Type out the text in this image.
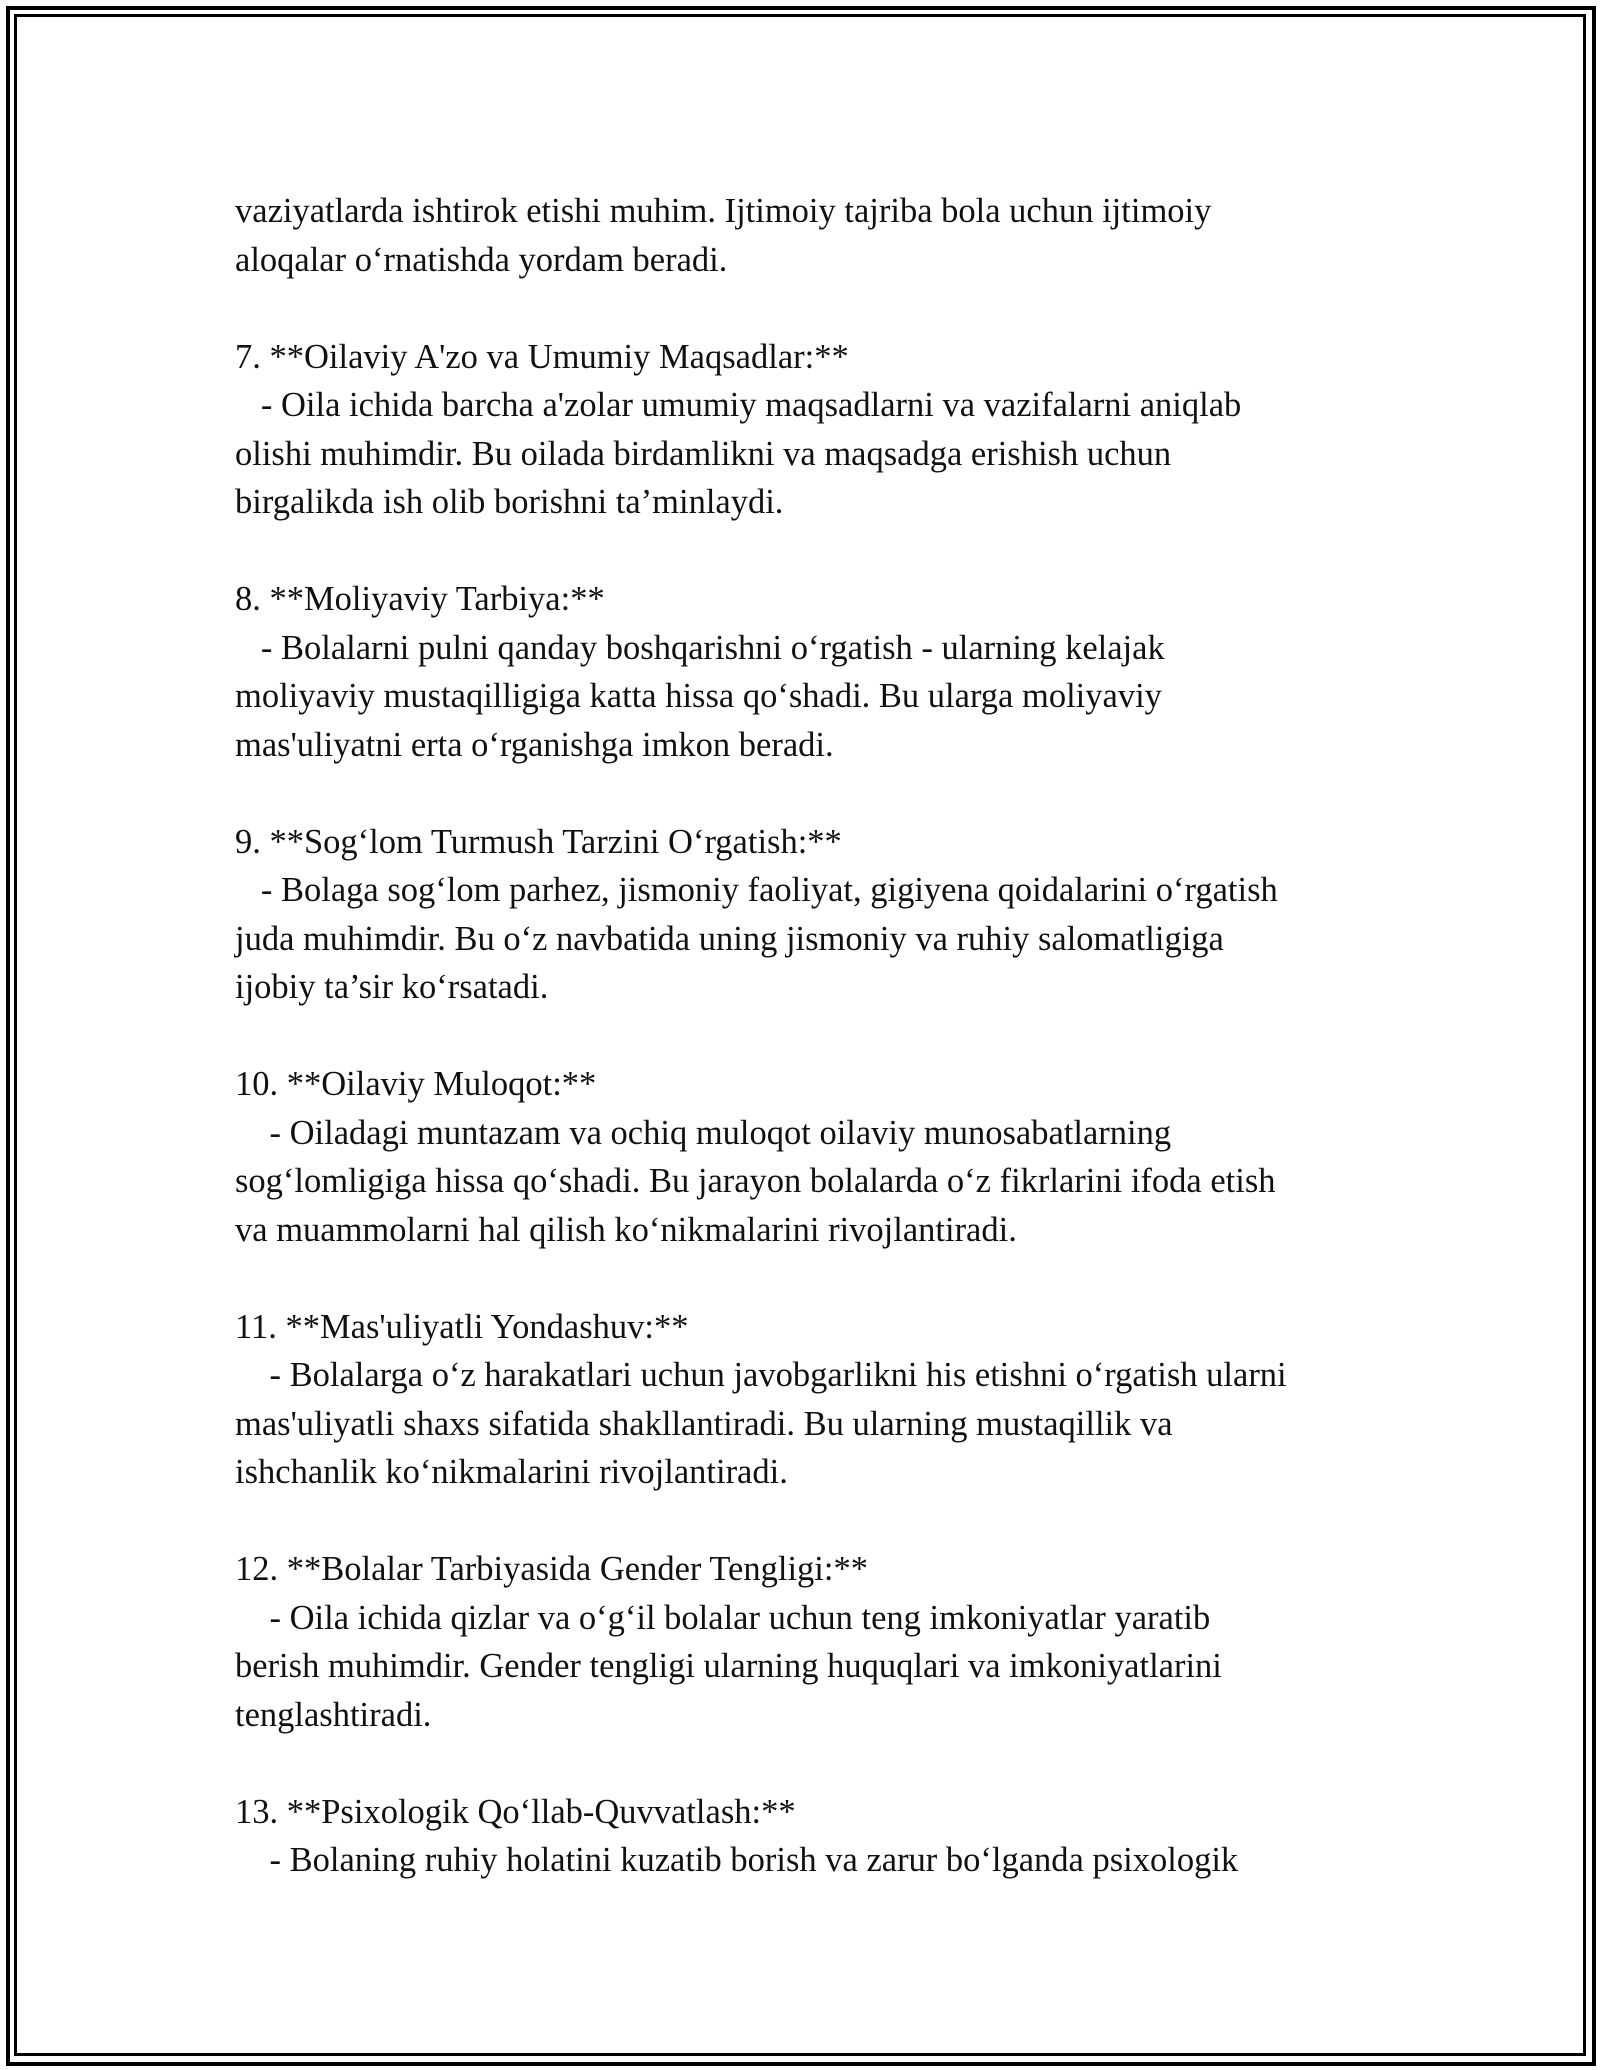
vaziyatlarda ishtirok etishi muhim. Ijtimoiy tajriba bola uchun ijtimoiy
aloqalar o‘rnatishda yordam beradi.
7. **Oilaviy A'zo va Umumiy Maqsadlar:**
- Oila ichida barcha a'zolar umumiy maqsadlarni va vazifalarni aniqlab
olishi muhimdir. Bu oilada birdamlikni va maqsadga erishish uchun
birgalikda ish olib borishni ta’minlaydi.
8. **Moliyaviy Tarbiya:**
- Bolalarni pulni qanday boshqarishni o‘rgatish - ularning kelajak
moliyaviy mustaqilligiga katta hissa qo‘shadi. Bu ularga moliyaviy
mas'uliyatni erta o‘rganishga imkon beradi.
9. **Sog‘lom Turmush Tarzini O‘rgatish:**
- Bolaga sog‘lom parhez, jismoniy faoliyat, gigiyena qoidalarini o‘rgatish
juda muhimdir. Bu o‘z navbatida uning jismoniy va ruhiy salomatligiga
ijobiy ta’sir ko‘rsatadi.
10. **Oilaviy Muloqot:**
- Oiladagi muntazam va ochiq muloqot oilaviy munosabatlarning
sog‘lomligiga hissa qo‘shadi. Bu jarayon bolalarda o‘z fikrlarini ifoda etish
va muammolarni hal qilish ko‘nikmalarini rivojlantiradi.
11. **Mas'uliyatli Yondashuv:**
- Bolalarga o‘z harakatlari uchun javobgarlikni his etishni o‘rgatish ularni
mas'uliyatli shaxs sifatida shakllantiradi. Bu ularning mustaqillik va
ishchanlik ko‘nikmalarini rivojlantiradi.
12. **Bolalar Tarbiyasida Gender Tengligi:**
- Oila ichida qizlar va o‘g‘il bolalar uchun teng imkoniyatlar yaratib
berish muhimdir. Gender tengligi ularning huquqlari va imkoniyatlarini
tenglashtiradi.
13. **Psixologik Qo‘llab-Quvvatlash:**
- Bolaning ruhiy holatini kuzatib borish va zarur bo‘lganda psixologik
